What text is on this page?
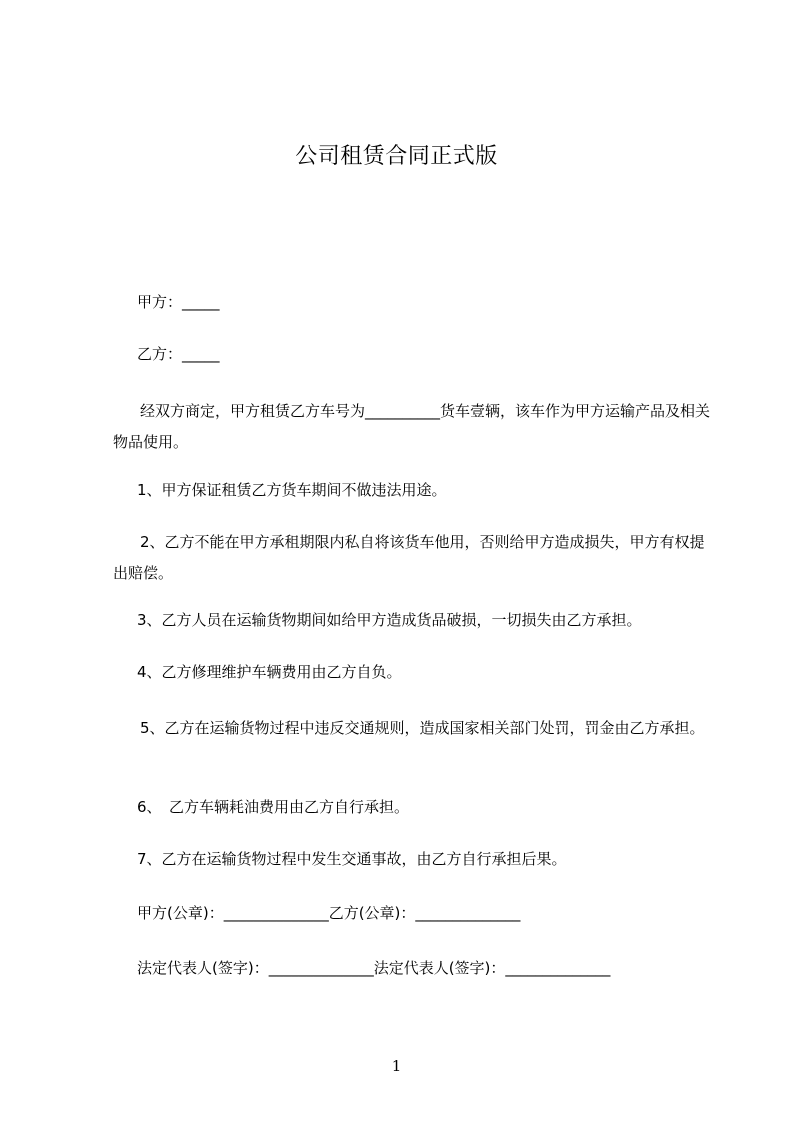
公司租赁合同正式版
甲方：_____
乙方：_____
经双方商定，甲方租赁乙方车号为__________货车壹辆，该车作为甲方运输产品及相关物品使用。
1、甲方保证租赁乙方货车期间不做违法用途。
2、乙方不能在甲方承租期限内私自将该货车他用，否则给甲方造成损失，甲方有权提出赔偿。
3、乙方人员在运输货物期间如给甲方造成货品破损，一切损失由乙方承担。
4、乙方修理维护车辆费用由乙方自负。
5、乙方在运输货物过程中违反交通规则，造成国家相关部门处罚，罚金由乙方承担。
6、　乙方车辆耗油费用由乙方自行承担。
7、乙方在运输货物过程中发生交通事故，由乙方自行承担后果。
甲方(公章)：______________乙方(公章)：______________
法定代表人(签字)：______________法定代表人(签字)：______________
1
